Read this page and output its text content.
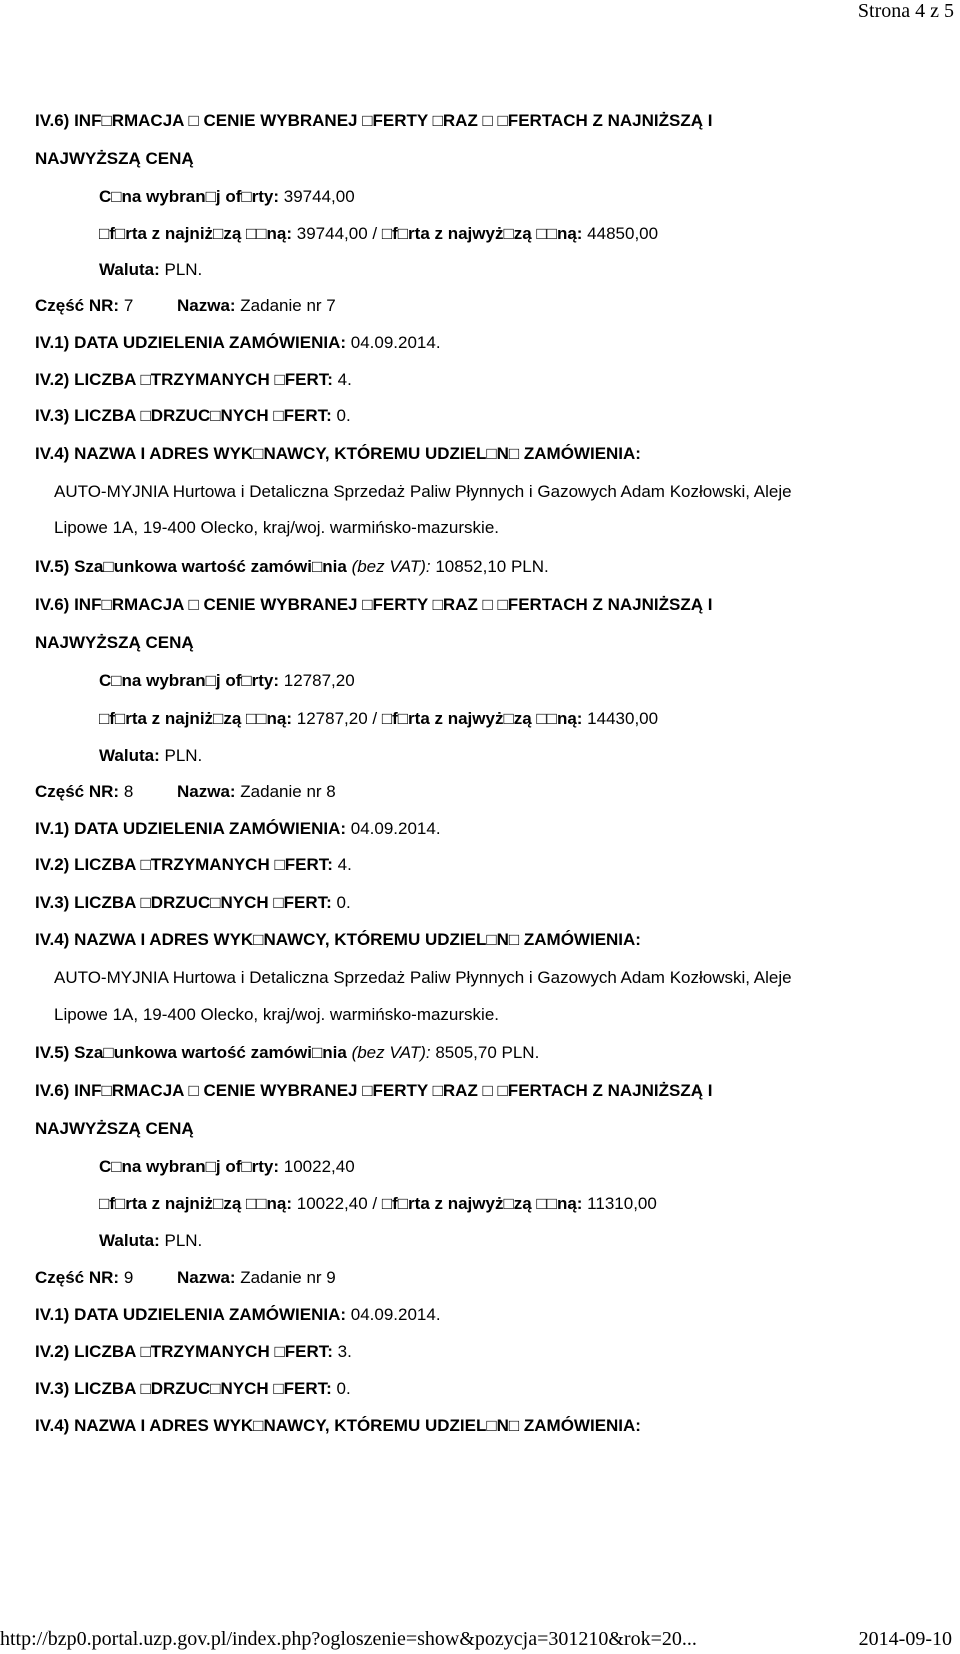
Strona 4 z 5
IV.6) INF□RMACJA □ CENIE WYBRANEJ □FERTY □RAZ □ □FERTACH Z NAJNIŻSZĄ I
NAJWYŻSZĄ CENĄ
C□na wybran□j of□rty: 39744,00
□f□rta z najniż□zą □□ną: 39744,00 / □f□rta z najwyż□zą □□ną: 44850,00
Waluta: PLN.
Część NR: 7	Nazwa: Zadanie nr 7
IV.1) DATA UDZIELENIA ZAMÓWIENIA: 04.09.2014.
IV.2) LICZBA □TRZYMANYCH □FERT: 4.
IV.3) LICZBA □DRZUC□NYCH □FERT: 0.
IV.4) NAZWA I ADRES WYK□NAWCY, KTÓREMU UDZIEL□N□ ZAMÓWIENIA:
AUTO-MYJNIA Hurtowa i Detaliczna Sprzedaż Paliw Płynnych i Gazowych Adam Kozłowski, Aleje
Lipowe 1A, 19-400 Olecko, kraj/woj. warmińsko-mazurskie.
IV.5) Sza□unkowa wartość zamówi□nia (bez VAT): 10852,10 PLN.
IV.6) INF□RMACJA □ CENIE WYBRANEJ □FERTY □RAZ □ □FERTACH Z NAJNIŻSZĄ I
NAJWYŻSZĄ CENĄ
C□na wybran□j of□rty: 12787,20
□f□rta z najniż□zą □□ną: 12787,20 / □f□rta z najwyż□zą □□ną: 14430,00
Waluta: PLN.
Część NR: 8	Nazwa: Zadanie nr 8
IV.1) DATA UDZIELENIA ZAMÓWIENIA: 04.09.2014.
IV.2) LICZBA □TRZYMANYCH □FERT: 4.
IV.3) LICZBA □DRZUC□NYCH □FERT: 0.
IV.4) NAZWA I ADRES WYK□NAWCY, KTÓREMU UDZIEL□N□ ZAMÓWIENIA:
AUTO-MYJNIA Hurtowa i Detaliczna Sprzedaż Paliw Płynnych i Gazowych Adam Kozłowski, Aleje
Lipowe 1A, 19-400 Olecko, kraj/woj. warmińsko-mazurskie.
IV.5) Sza□unkowa wartość zamówi□nia (bez VAT): 8505,70 PLN.
IV.6) INF□RMACJA □ CENIE WYBRANEJ □FERTY □RAZ □ □FERTACH Z NAJNIŻSZĄ I
NAJWYŻSZĄ CENĄ
C□na wybran□j of□rty: 10022,40
□f□rta z najniż□zą □□ną: 10022,40 / □f□rta z najwyż□zą □□ną: 11310,00
Waluta: PLN.
Część NR: 9	Nazwa: Zadanie nr 9
IV.1) DATA UDZIELENIA ZAMÓWIENIA: 04.09.2014.
IV.2) LICZBA □TRZYMANYCH □FERT: 3.
IV.3) LICZBA □DRZUC□NYCH □FERT: 0.
IV.4) NAZWA I ADRES WYK□NAWCY, KTÓREMU UDZIEL□N□ ZAMÓWIENIA:
http://bzp0.portal.uzp.gov.pl/index.php?ogloszenie=show&pozycja=301210&rok=20...	2014-09-10
